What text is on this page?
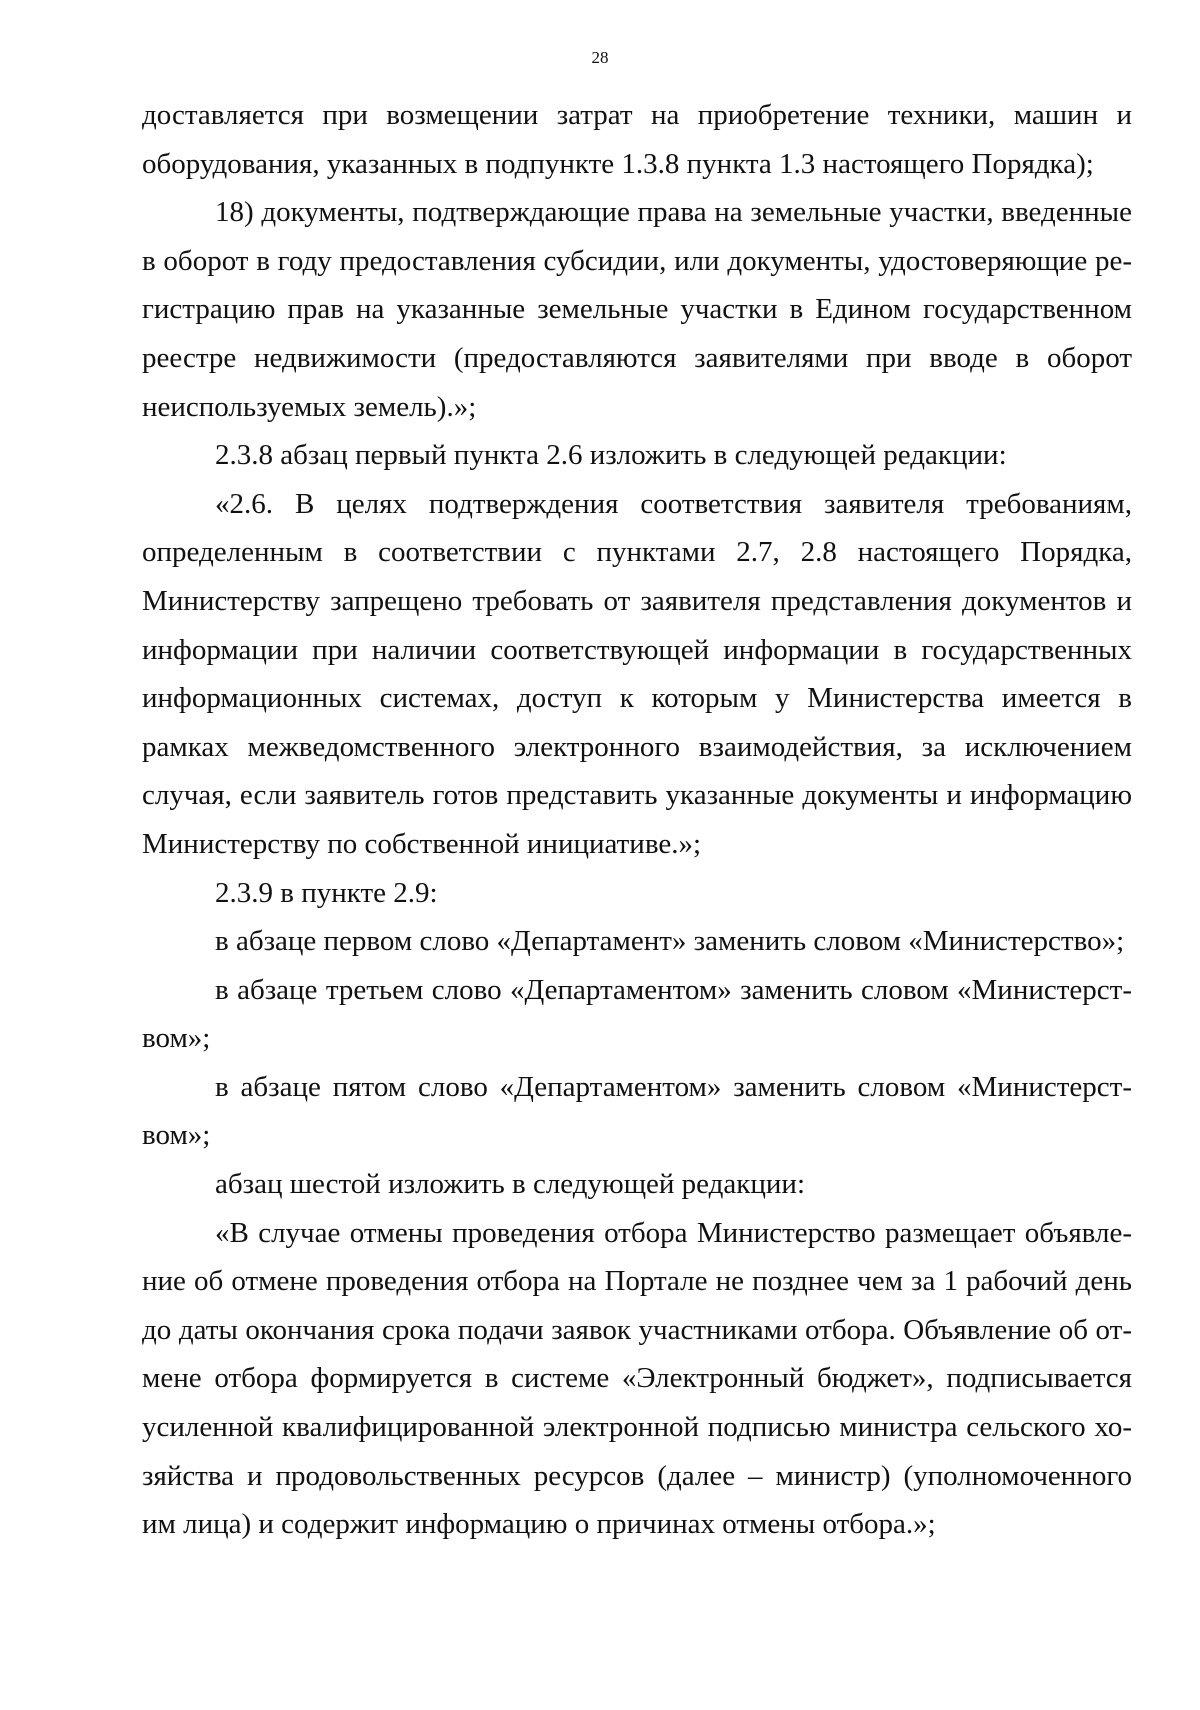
28

доставляется при возмещении затрат на приобретение техники, машин и оборудования, указанных в подпункте 1.3.8 пункта 1.3 настоящего Порядка);

18) документы, подтверждающие права на земельные участки, введенные в оборот в году предоставления субсидии, или документы, удостоверяющие регистрацию прав на указанные земельные участки в Едином государственном реестре недвижимости (предоставляются заявителями при вводе в оборот неиспользуемых земель).»;

2.3.8 абзац первый пункта 2.6 изложить в следующей редакции:

«2.6. В целях подтверждения соответствия заявителя требованиям, определенным в соответствии с пунктами 2.7, 2.8 настоящего Порядка, Министерству запрещено требовать от заявителя представления документов и информации при наличии соответствующей информации в государственных информационных системах, доступ к которым у Министерства имеется в рамках межведомственного электронного взаимодействия, за исключением случая, если заявитель готов представить указанные документы и информацию Министерству по собственной инициативе.»;

2.3.9 в пункте 2.9:

в абзаце первом слово «Департамент» заменить словом «Министерство»;

в абзаце третьем слово «Департаментом» заменить словом «Министерством»;

в абзаце пятом слово «Департаментом» заменить словом «Министерством»;

абзац шестой изложить в следующей редакции:

«В случае отмены проведения отбора Министерство размещает объявление об отмене проведения отбора на Портале не позднее чем за 1 рабочий день до даты окончания срока подачи заявок участниками отбора. Объявление об отмене отбора формируется в системе «Электронный бюджет», подписывается усиленной квалифицированной электронной подписью министра сельского хозяйства и продовольственных ресурсов (далее – министр) (уполномоченного им лица) и содержит информацию о причинах отмены отбора.»;
